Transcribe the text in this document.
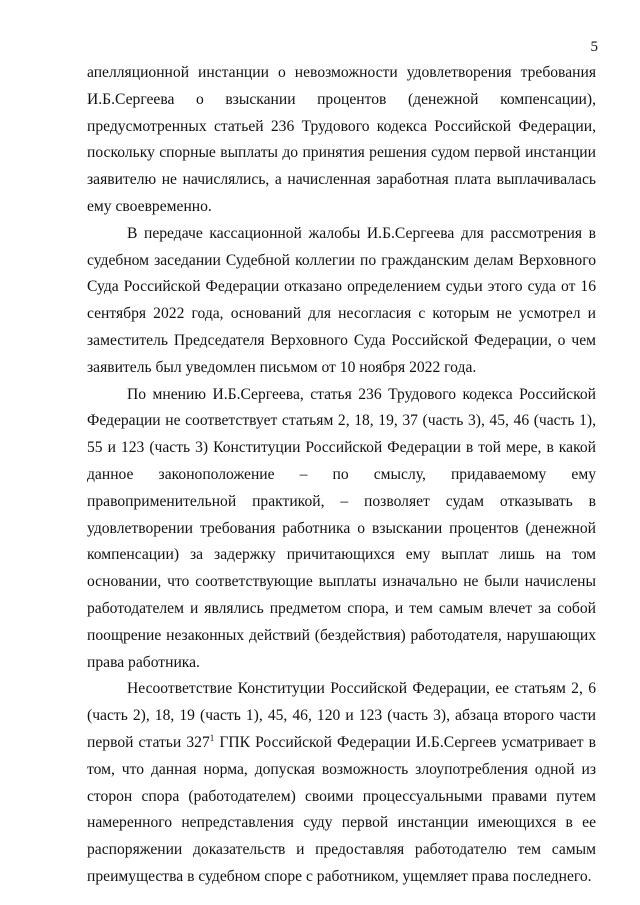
5

апелляционной инстанции о невозможности удовлетворения требования И.Б.Сергеева о взыскании процентов (денежной компенсации), предусмотренных статьей 236 Трудового кодекса Российской Федерации, поскольку спорные выплаты до принятия решения судом первой инстанции заявителю не начислялись, а начисленная заработная плата выплачивалась ему своевременно.

В передаче кассационной жалобы И.Б.Сергеева для рассмотрения в судебном заседании Судебной коллегии по гражданским делам Верховного Суда Российской Федерации отказано определением судьи этого суда от 16 сентября 2022 года, оснований для несогласия с которым не усмотрел и заместитель Председателя Верховного Суда Российской Федерации, о чем заявитель был уведомлен письмом от 10 ноября 2022 года.

По мнению И.Б.Сергеева, статья 236 Трудового кодекса Российской Федерации не соответствует статьям 2, 18, 19, 37 (часть 3), 45, 46 (часть 1), 55 и 123 (часть 3) Конституции Российской Федерации в той мере, в какой данное законоположение – по смыслу, придаваемому ему правоприменительной практикой, – позволяет судам отказывать в удовлетворении требования работника о взыскании процентов (денежной компенсации) за задержку причитающихся ему выплат лишь на том основании, что соответствующие выплаты изначально не были начислены работодателем и являлись предметом спора, и тем самым влечет за собой поощрение незаконных действий (бездействия) работодателя, нарушающих права работника.

Несоответствие Конституции Российской Федерации, ее статьям 2, 6 (часть 2), 18, 19 (часть 1), 45, 46, 120 и 123 (часть 3), абзаца второго части первой статьи $327^1$ ГПК Российской Федерации И.Б.Сергеев усматривает в том, что данная норма, допуская возможность злоупотребления одной из сторон спора (работодателем) своими процессуальными правами путем намеренного непредставления суду первой инстанции имеющихся в ее распоряжении доказательств и предоставляя работодателю тем самым преимущества в судебном споре с работником, ущемляет права последнего.
